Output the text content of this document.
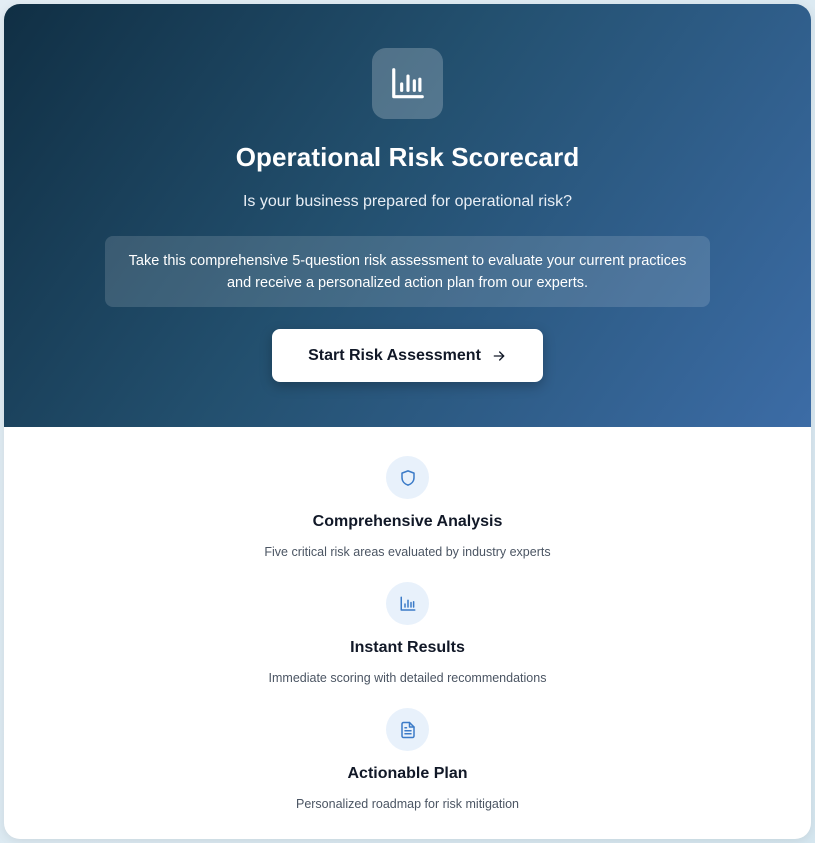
Operational Risk Scorecard

Is your business prepared for operational risk?

Take this comprehensive 5-question risk assessment to evaluate your current practices and receive a personalized action plan from our experts.
Start Risk Assessment
Comprehensive Analysis

Five critical risk areas evaluated by industry experts

Instant Results

Immediate scoring with detailed recommendations

Actionable Plan

Personalized roadmap for risk mitigation
